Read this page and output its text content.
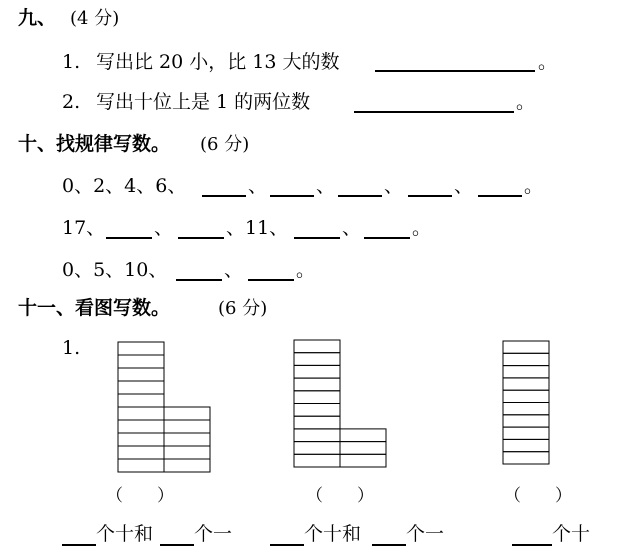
九、 (4 分)
1. 写出比 20 小，比 13 大的数	。
2. 写出十位上是 1 的两位数	。
十、找规律写数。 (6 分)
0、2、4、6、	、	、	、	、	。
17、	、	、11、	、	。
0、5、10、	、	。
十一、看图写数。	(6 分)
1.
（　　）	（　　）	（　　）
个十和 个一	个十和 个一	个十
